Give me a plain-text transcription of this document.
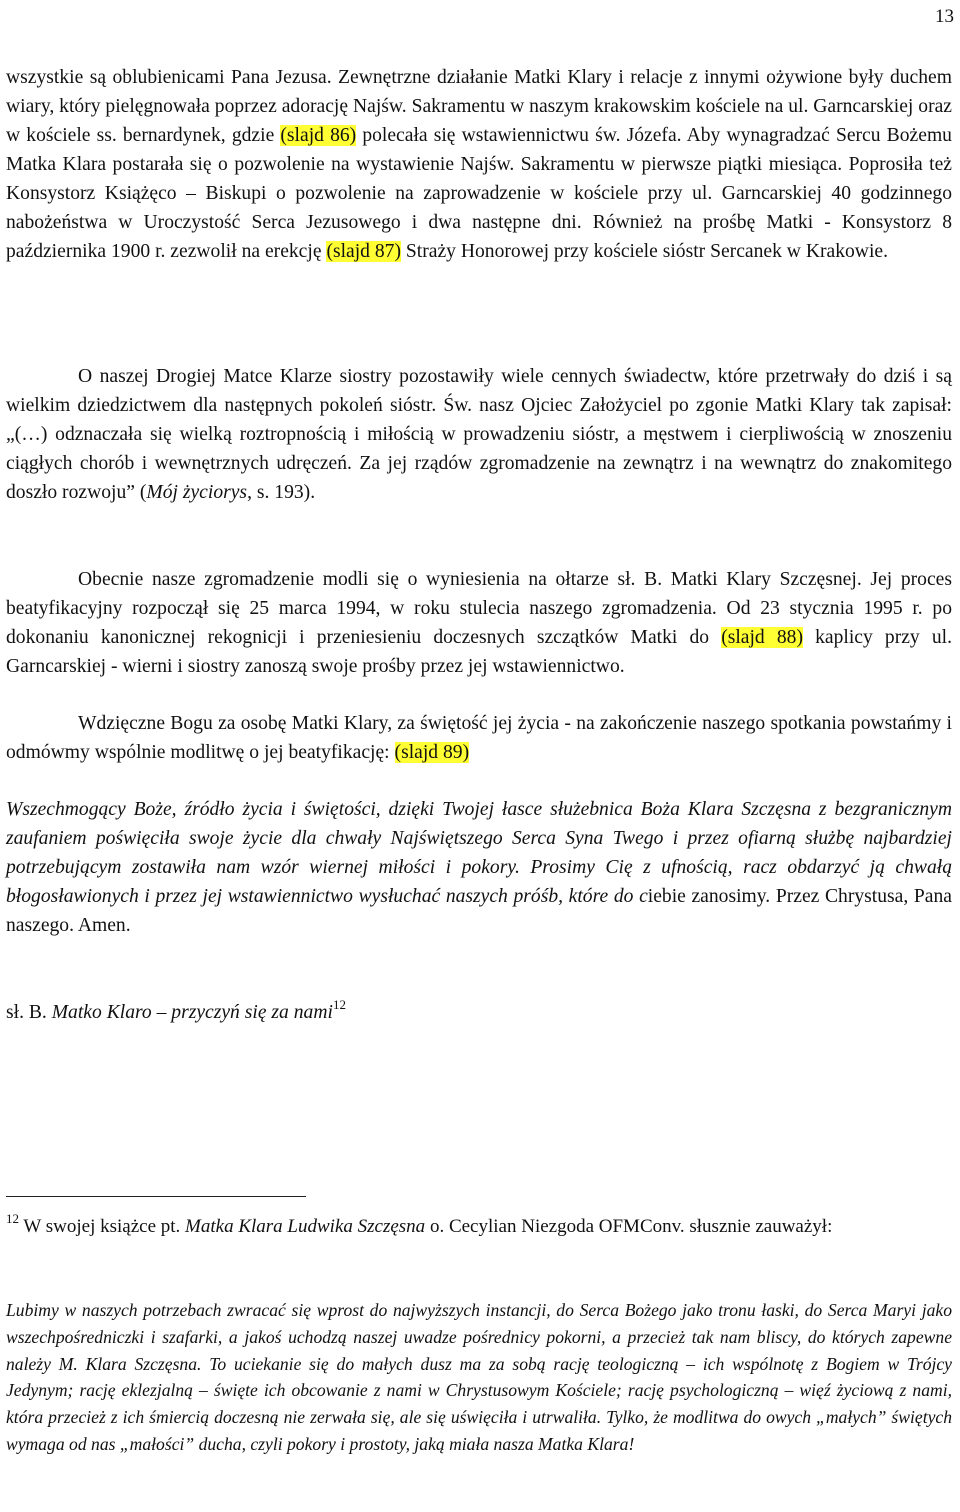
13

wszystkie są oblubienicami Pana Jezusa. Zewnętrzne działanie Matki Klary i relacje z innymi ożywione były duchem wiary, który pielęgnowała poprzez adorację Najśw. Sakramentu w naszym krakowskim kościele na ul. Garncarskiej oraz w kościele ss. bernardynek, gdzie (slajd 86) polecała się wstawiennictwu św. Józefa. Aby wynagradzać Sercu Bożemu Matka Klara postarała się o pozwolenie na wystawienie Najśw. Sakramentu w pierwsze piątki miesiąca. Poprosiła też Konsystorz Książęco – Biskupi o pozwolenie na zaprowadzenie w kościele przy ul. Garncarskiej 40 godzinnego nabożeństwa w Uroczystość Serca Jezusowego i dwa następne dni. Również na prośbę Matki - Konsystorz 8 października 1900 r. zezwolił na erekcję (slajd 87) Straży Honorowej przy kościele sióstr Sercanek w Krakowie.

O naszej Drogiej Matce Klarze siostry pozostawiły wiele cennych świadectw, które przetrwały do dziś i są wielkim dziedzictwem dla następnych pokoleń sióstr. Św. nasz Ojciec Założyciel po zgonie Matki Klary tak zapisał: „(…) odznaczała się wielką roztropnością i miłością w prowadzeniu sióstr, a męstwem i cierpliwością w znoszeniu ciągłych chorób i wewnętrznych udręczeń. Za jej rządów zgromadzenie na zewnątrz i na wewnątrz do znakomitego doszło rozwoju” (Mój życiorys, s. 193).

Obecnie nasze zgromadzenie modli się o wyniesienia na ołtarze sł. B. Matki Klary Szczęsnej. Jej proces beatyfikacyjny rozpoczął się 25 marca 1994, w roku stulecia naszego zgromadzenia. Od 23 stycznia 1995 r. po dokonaniu kanonicznej rekognicji i przeniesieniu doczesnych szczątków Matki do (slajd 88) kaplicy przy ul. Garncarskiej - wierni i siostry zanoszą swoje prośby przez jej wstawiennictwo.

Wdzięczne Bogu za osobę Matki Klary, za świętość jej życia - na zakończenie naszego spotkania powstańmy i odmówmy wspólnie modlitwę o jej beatyfikację: (slajd 89)

Wszechmogący Boże, źródło życia i świętości, dzięki Twojej łasce służebnica Boża Klara Szczęsna z bezgranicznym zaufaniem poświęciła swoje życie dla chwały Najświętszego Serca Syna Twego i przez ofiarną służbę najbardziej potrzebującym zostawiła nam wzór wiernej miłości i pokory. Prosimy Cię z ufnością, racz obdarzyć ją chwałą błogosławionych i przez jej wstawiennictwo wysłuchać naszych próśb, które do ciebie zanosimy. Przez Chrystusa, Pana naszego. Amen.

sł. B. Matko Klaro – przyczyń się za nami$^{12}$

$^{12}$ W swojej książce pt. Matka Klara Ludwika Szczęsna o. Cecylian Niezgoda OFMConv. słusznie zauważył:

Lubimy w naszych potrzebach zwracać się wprost do najwyższych instancji, do Serca Bożego jako tronu łaski, do Serca Maryi jako wszechpośredniczki i szafarki, a jakoś uchodzą naszej uwadze pośrednicy pokorni, a przecież tak nam bliscy, do których zapewne należy M. Klara Szczęsna. To uciekanie się do małych dusz ma za sobą rację teologiczną – ich wspólnotę z Bogiem w Trójcy Jedynym; rację eklezjalną – święte ich obcowanie z nami w Chrystusowym Kościele; rację psychologiczną – więź życiową z nami, która przecież z ich śmiercią doczesną nie zerwała się, ale się uświęciła i utrwaliła. Tylko, że modlitwa do owych „małych” świętych wymaga od nas „małości” ducha, czyli pokory i prostoty, jaką miała nasza Matka Klara!
